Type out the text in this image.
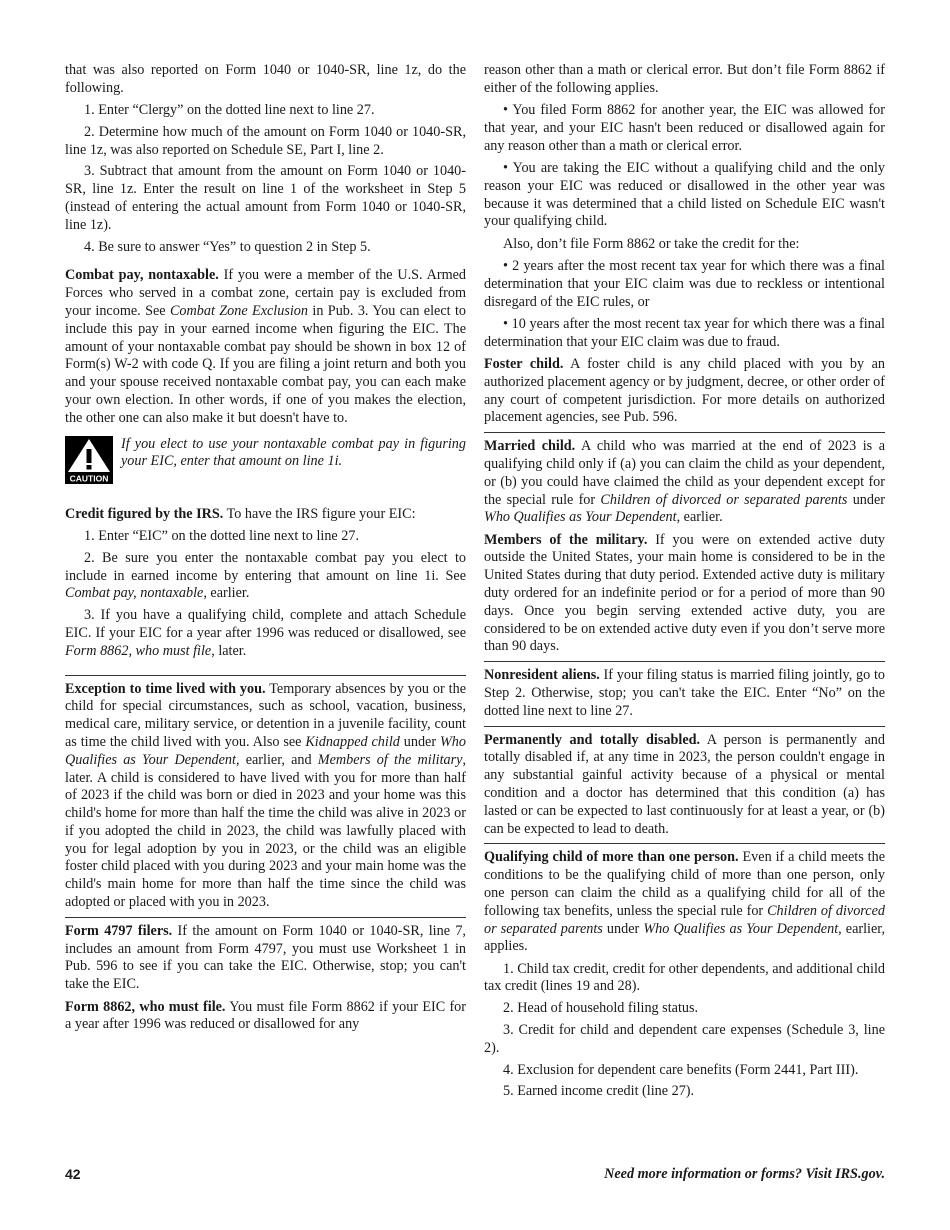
that was also reported on Form 1040 or 1040-SR, line 1z, do the following.

1. Enter “Clergy” on the dotted line next to line 27.

2. Determine how much of the amount on Form 1040 or 1040-SR, line 1z, was also reported on Schedule SE, Part I, line 2.

3. Subtract that amount from the amount on Form 1040 or 1040-SR, line 1z. Enter the result on line 1 of the worksheet in Step 5 (instead of entering the actual amount from Form 1040 or 1040-SR, line 1z).

4. Be sure to answer “Yes” to question 2 in Step 5.

Combat pay, nontaxable. If you were a member of the U.S. Armed Forces who served in a combat zone, certain pay is excluded from your income. See Combat Zone Exclusion in Pub. 3. You can elect to include this pay in your earned income when figuring the EIC. The amount of your nontaxable combat pay should be shown in box 12 of Form(s) W-2 with code Q. If you are filing a joint return and both you and your spouse received nontaxable combat pay, you can each make your own election. In other words, if one of you makes the election, the other one can also make it but doesn't have to.

CAUTION
If you elect to use your nontaxable combat pay in figuring your EIC, enter that amount on line 1i.

Credit figured by the IRS. To have the IRS figure your EIC:

1. Enter “EIC” on the dotted line next to line 27.

2. Be sure you enter the nontaxable combat pay you elect to include in earned income by entering that amount on line 1i. See Combat pay, nontaxable, earlier.

3. If you have a qualifying child, complete and attach Schedule EIC. If your EIC for a year after 1996 was reduced or disallowed, see Form 8862, who must file, later.

Exception to time lived with you. Temporary absences by you or the child for special circumstances, such as school, vacation, business, medical care, military service, or detention in a juvenile facility, count as time the child lived with you. Also see Kidnapped child under Who Qualifies as Your Dependent, earlier, and Members of the military, later. A child is considered to have lived with you for more than half of 2023 if the child was born or died in 2023 and your home was this child's home for more than half the time the child was alive in 2023 or if you adopted the child in 2023, the child was lawfully placed with you for legal adoption by you in 2023, or the child was an eligible foster child placed with you during 2023 and your main home was the child's main home for more than half the time since the child was adopted or placed with you in 2023.

Form 4797 filers. If the amount on Form 1040 or 1040-SR, line 7, includes an amount from Form 4797, you must use Worksheet 1 in Pub. 596 to see if you can take the EIC. Otherwise, stop; you can't take the EIC.

Form 8862, who must file. You must file Form 8862 if your EIC for a year after 1996 was reduced or disallowed for any

reason other than a math or clerical error. But don’t file Form 8862 if either of the following applies.

• You filed Form 8862 for another year, the EIC was allowed for that year, and your EIC hasn't been reduced or disallowed again for any reason other than a math or clerical error.

• You are taking the EIC without a qualifying child and the only reason your EIC was reduced or disallowed in the other year was because it was determined that a child listed on Schedule EIC wasn't your qualifying child.

Also, don’t file Form 8862 or take the credit for the:

• 2 years after the most recent tax year for which there was a final determination that your EIC claim was due to reckless or intentional disregard of the EIC rules, or

• 10 years after the most recent tax year for which there was a final determination that your EIC claim was due to fraud.

Foster child. A foster child is any child placed with you by an authorized placement agency or by judgment, decree, or other order of any court of competent jurisdiction. For more details on authorized placement agencies, see Pub. 596.

Married child. A child who was married at the end of 2023 is a qualifying child only if (a) you can claim the child as your dependent, or (b) you could have claimed the child as your dependent except for the special rule for Children of divorced or separated parents under Who Qualifies as Your Dependent, earlier.

Members of the military. If you were on extended active duty outside the United States, your main home is considered to be in the United States during that duty period. Extended active duty is military duty ordered for an indefinite period or for a period of more than 90 days. Once you begin serving extended active duty, you are considered to be on extended active duty even if you don’t serve more than 90 days.

Nonresident aliens. If your filing status is married filing jointly, go to Step 2. Otherwise, stop; you can't take the EIC. Enter “No” on the dotted line next to line 27.

Permanently and totally disabled. A person is permanently and totally disabled if, at any time in 2023, the person couldn't engage in any substantial gainful activity because of a physical or mental condition and a doctor has determined that this condition (a) has lasted or can be expected to last continuously for at least a year, or (b) can be expected to lead to death.

Qualifying child of more than one person. Even if a child meets the conditions to be the qualifying child of more than one person, only one person can claim the child as a qualifying child for all of the following tax benefits, unless the special rule for Children of divorced or separated parents under Who Qualifies as Your Dependent, earlier, applies.

1. Child tax credit, credit for other dependents, and additional child tax credit (lines 19 and 28).

2. Head of household filing status.

3. Credit for child and dependent care expenses (Schedule 3, line 2).

4. Exclusion for dependent care benefits (Form 2441, Part III).

5. Earned income credit (line 27).

42	Need more information or forms? Visit IRS.gov.
